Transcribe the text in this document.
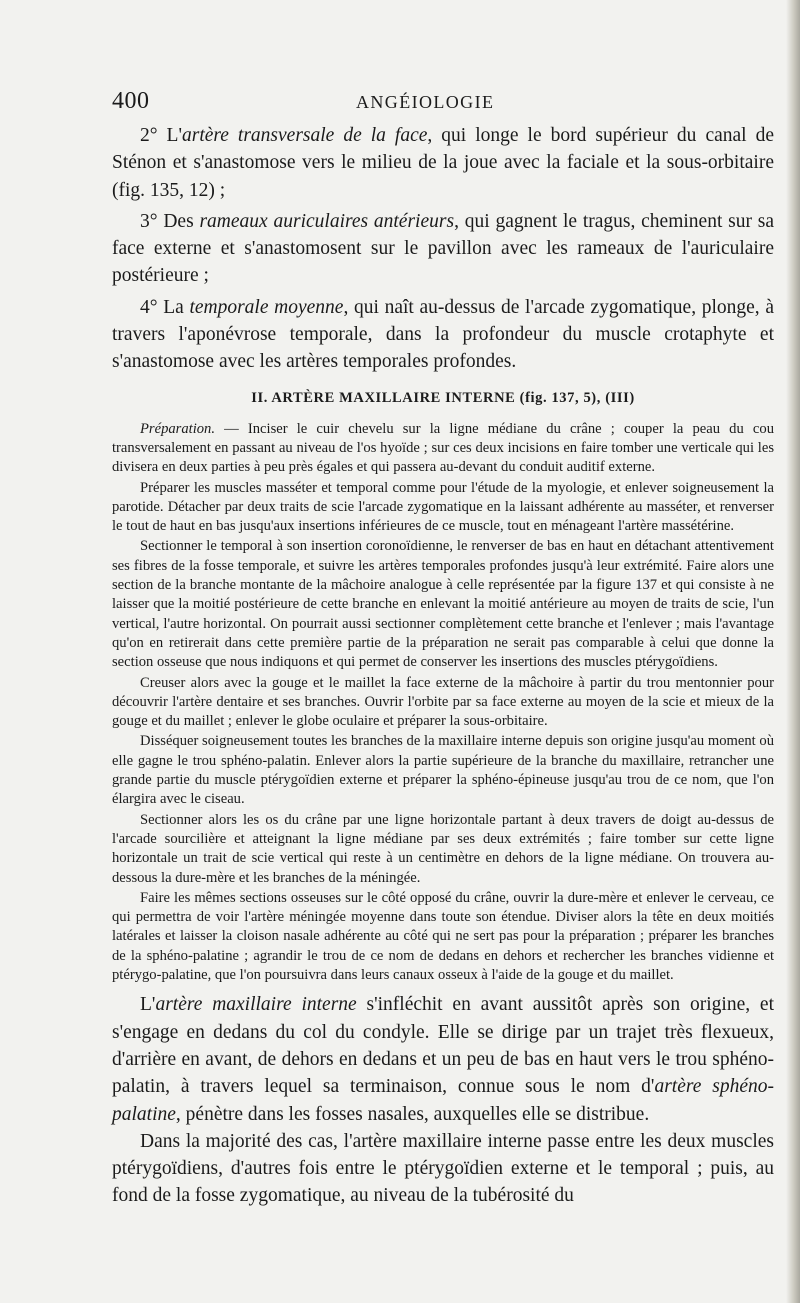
400	ANGÉIOLOGIE

2° L'artère transversale de la face, qui longe le bord supérieur du canal de Sténon et s'anastomose vers le milieu de la joue avec la faciale et la sous-orbitaire (fig. 135, 12) ;

3° Des rameaux auriculaires antérieurs, qui gagnent le tragus, cheminent sur sa face externe et s'anastomosent sur le pavillon avec les rameaux de l'auriculaire postérieure ;

4° La temporale moyenne, qui naît au-dessus de l'arcade zygomatique, plonge, à travers l'aponévrose temporale, dans la profondeur du muscle crotaphyte et s'anastomose avec les artères temporales profondes.

II. ARTÈRE MAXILLAIRE INTERNE (fig. 137, 5), (III)

Préparation. — Inciser le cuir chevelu sur la ligne médiane du crâne ; couper la peau du cou transversalement en passant au niveau de l'os hyoïde ; sur ces deux incisions en faire tomber une verticale qui les divisera en deux parties à peu près égales et qui passera au-devant du conduit auditif externe.

Préparer les muscles masséter et temporal comme pour l'étude de la myologie, et enlever soigneusement la parotide. Détacher par deux traits de scie l'arcade zygomatique en la laissant adhérente au masséter, et renverser le tout de haut en bas jusqu'aux insertions inférieures de ce muscle, tout en ménageant l'artère massétérine.

Sectionner le temporal à son insertion coronoïdienne, le renverser de bas en haut en détachant attentivement ses fibres de la fosse temporale, et suivre les artères temporales profondes jusqu'à leur extrémité. Faire alors une section de la branche montante de la mâchoire analogue à celle représentée par la figure 137 et qui consiste à ne laisser que la moitié postérieure de cette branche en enlevant la moitié antérieure au moyen de traits de scie, l'un vertical, l'autre horizontal. On pourrait aussi sectionner complètement cette branche et l'enlever ; mais l'avantage qu'on en retirerait dans cette première partie de la préparation ne serait pas comparable à celui que donne la section osseuse que nous indiquons et qui permet de conserver les insertions des muscles ptérygoïdiens.

Creuser alors avec la gouge et le maillet la face externe de la mâchoire à partir du trou mentonnier pour découvrir l'artère dentaire et ses branches. Ouvrir l'orbite par sa face externe au moyen de la scie et mieux de la gouge et du maillet ; enlever le globe oculaire et préparer la sous-orbitaire.

Disséquer soigneusement toutes les branches de la maxillaire interne depuis son origine jusqu'au moment où elle gagne le trou sphéno-palatin. Enlever alors la partie supérieure de la branche du maxillaire, retrancher une grande partie du muscle ptérygoïdien externe et préparer la sphéno-épineuse jusqu'au trou de ce nom, que l'on élargira avec le ciseau.

Sectionner alors les os du crâne par une ligne horizontale partant à deux travers de doigt au-dessus de l'arcade sourcilière et atteignant la ligne médiane par ses deux extrémités ; faire tomber sur cette ligne horizontale un trait de scie vertical qui reste à un centimètre en dehors de la ligne médiane. On trouvera au-dessous la dure-mère et les branches de la méningée.

Faire les mêmes sections osseuses sur le côté opposé du crâne, ouvrir la dure-mère et enlever le cerveau, ce qui permettra de voir l'artère méningée moyenne dans toute son étendue. Diviser alors la tête en deux moitiés latérales et laisser la cloison nasale adhérente au côté qui ne sert pas pour la préparation ; préparer les branches de la sphéno-palatine ; agrandir le trou de ce nom de dedans en dehors et rechercher les branches vidienne et ptérygo-palatine, que l'on poursuivra dans leurs canaux osseux à l'aide de la gouge et du maillet.

L'artère maxillaire interne s'infléchit en avant aussitôt après son origine, et s'engage en dedans du col du condyle. Elle se dirige par un trajet très flexueux, d'arrière en avant, de dehors en dedans et un peu de bas en haut vers le trou sphéno-palatin, à travers lequel sa terminaison, connue sous le nom d'artère sphéno-palatine, pénètre dans les fosses nasales, auxquelles elle se distribue.

Dans la majorité des cas, l'artère maxillaire interne passe entre les deux muscles ptérygoïdiens, d'autres fois entre le ptérygoïdien externe et le temporal ; puis, au fond de la fosse zygomatique, au niveau de la tubérosité du
